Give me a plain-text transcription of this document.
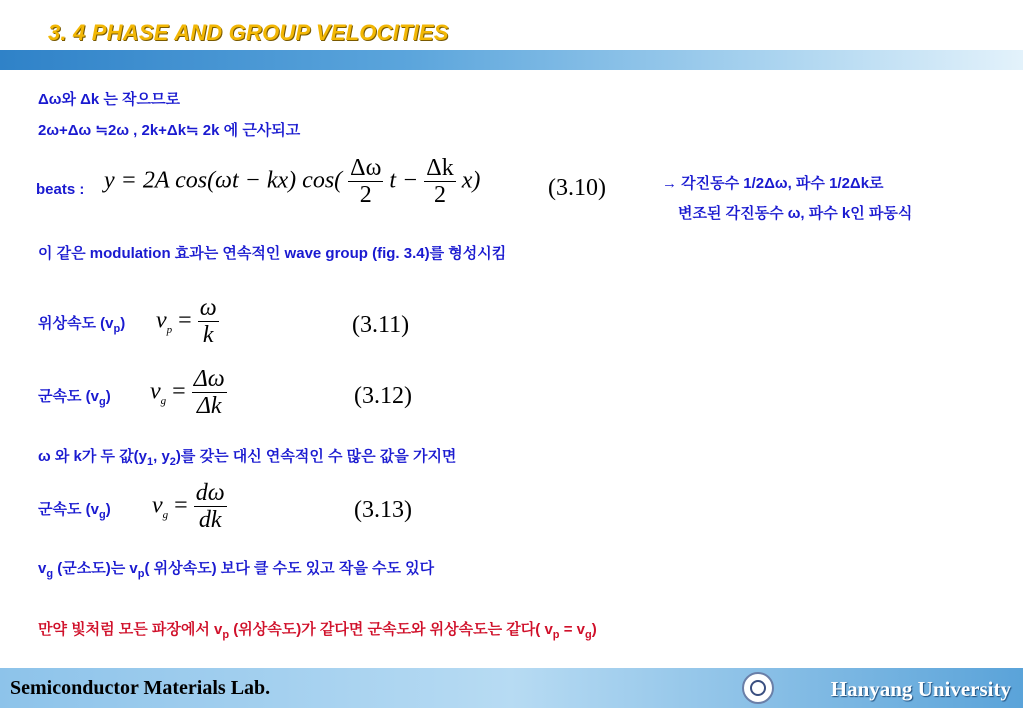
3. 4 PHASE AND GROUP VELOCITIES
Δω와 Δk 는 작으므로
2ω+Δω ≒2ω , 2k+Δk≒ 2k 에 근사되고
beats : y = 2A cos(ωt − kx) $\cos( \frac{\Delta\omega}{2}$ $t - \frac{\Delta k}{2} x$)	(3.10)	→ 각진동수 1/2Δω, 파수 1/2Δk로
변조된 각진동수 ω, 파수 k인 파동식
이 같은 modulation 효과는 연속적인 wave group (fig. 3.4)를 형성시킴
위상속도 $(v_p) v_p = \frac{\omega}{k}$	(3.11)
군속도 $(v_g) v_g = \frac{\Delta\omega}{\Delta k}$	(3.12)
ω 와 k가 두 값($y_1$, $y_2$)를 갖는 대신 연속적인 수 많은 값을 가지면
군속도 $(v_g) v_g = \frac{d\omega}{dk}$	(3.13)
$v_g$ (군소도)는 $v_p$( 위상속도) 보다 클 수도 있고 작을 수도 있다
만약 빛처럼 모든 파장에서 $v_p$ (위상속도)가 같다면 군속도와 위상속도는 같다( $v_p = v_g$)
Semiconductor Materials Lab.	Hanyang University
